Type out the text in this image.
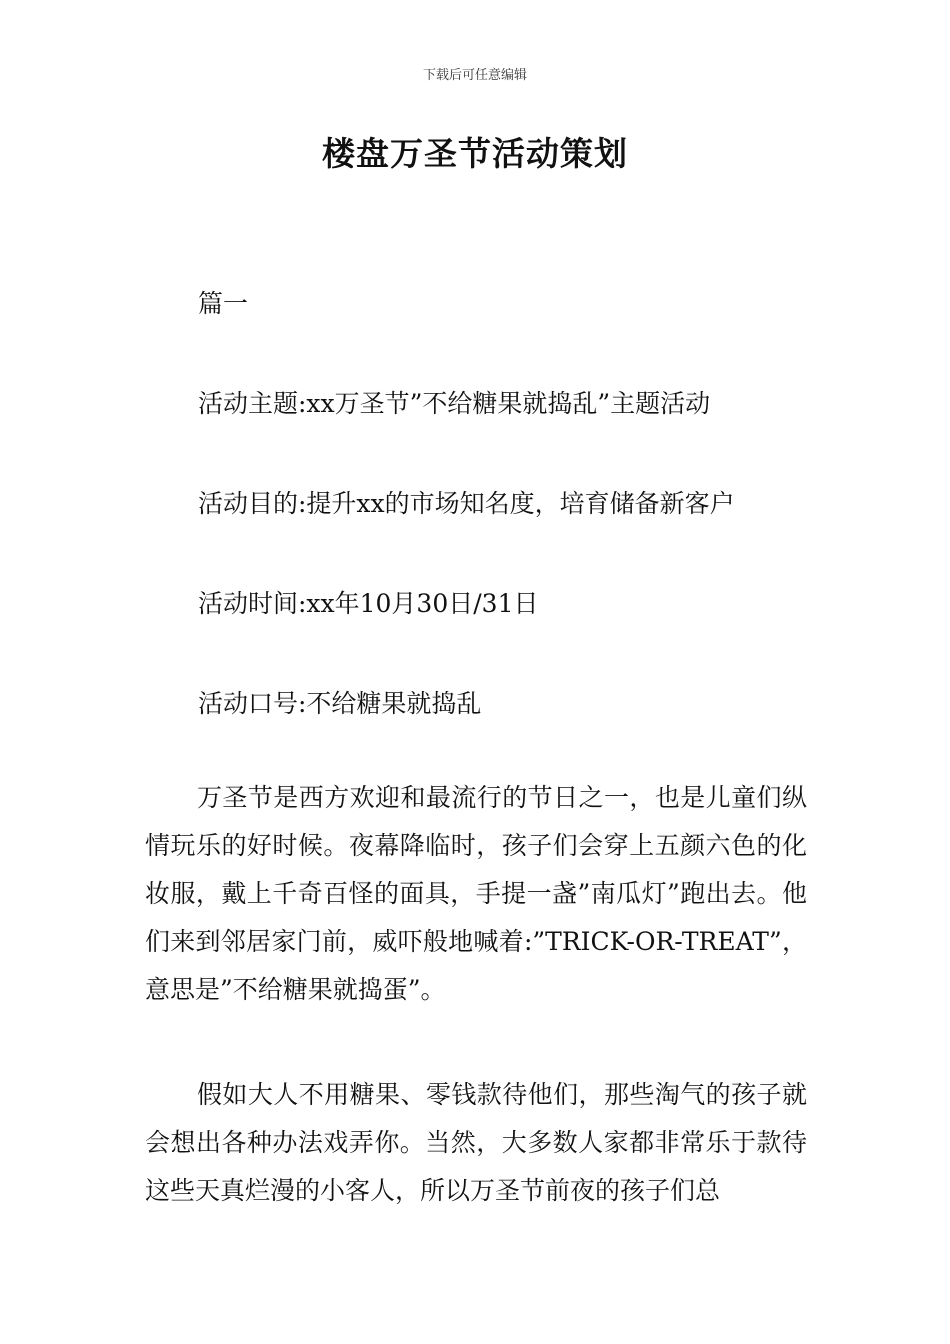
下载后可任意编辑
楼盘万圣节活动策划

篇一

活动主题:xx万圣节”不给糖果就捣乱”主题活动

活动目的:提升xx的市场知名度，培育储备新客户

活动时间:xx年10月30日/31日

活动口号:不给糖果就捣乱

万圣节是西方欢迎和最流行的节日之一，也是儿童们纵情玩乐的好时候。夜幕降临时，孩子们会穿上五颜六色的化妆服，戴上千奇百怪的面具，手提一盏”南瓜灯”跑出去。他们来到邻居家门前，威吓般地喊着:”TRICK-OR-TREAT”，意思是”不给糖果就捣蛋”。

假如大人不用糖果、零钱款待他们，那些淘气的孩子就会想出各种办法戏弄你。当然，大多数人家都非常乐于款待这些天真烂漫的小客人，所以万圣节前夜的孩子们总
